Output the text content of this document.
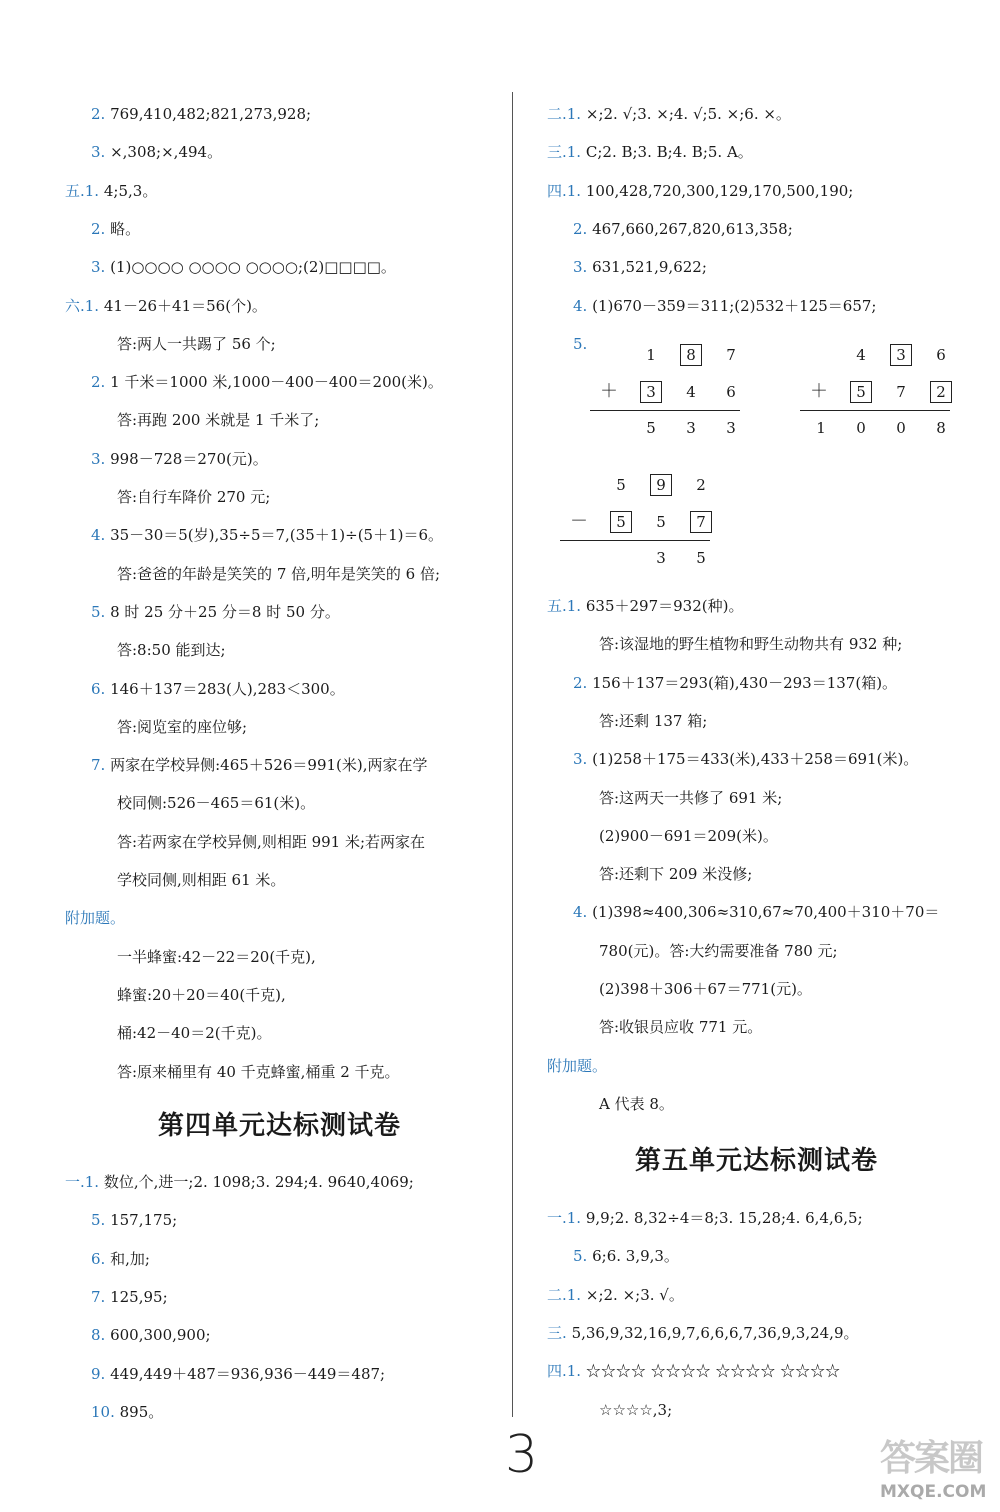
2. 769,410,482;821,273,928;
3. ×,308;×,494。
五.1. 4;5,3。
2. 略。
3. (1)○○○○ ○○○○ ○○○○;(2)□□□□。
六.1. 41－26＋41＝56(个)。
答:两人一共踢了 56 个;
2. 1 千米＝1000 米,1000－400－400＝200(米)。
答:再跑 200 米就是 1 千米了;
3. 998－728＝270(元)。
答:自行车降价 270 元;
4. 35－30＝5(岁),35÷5＝7,(35＋1)÷(5＋1)＝6。
答:爸爸的年龄是笑笑的 7 倍,明年是笑笑的 6 倍;
5. 8 时 25 分＋25 分＝8 时 50 分。
答:8:50 能到达;
6. 146＋137＝283(人),283＜300。
答:阅览室的座位够;
7. 两家在学校异侧:465＋526＝991(米),两家在学
校同侧:526－465＝61(米)。
答:若两家在学校异侧,则相距 991 米;若两家在
学校同侧,则相距 61 米。
附加题。
一半蜂蜜:42－22＝20(千克),
蜂蜜:20＋20＝40(千克),
桶:42－40＝2(千克)。
答:原来桶里有 40 千克蜂蜜,桶重 2 千克。
第四单元达标测试卷
一.1. 数位,个,进一;2. 1098;3. 294;4. 9640,4069;
5. 157,175;
6. 和,加;
7. 125,95;
8. 600,300,900;
9. 449,449＋487＝936,936－449＝487;
10. 895。
二.1. ×;2. √;3. ×;4. √;5. ×;6. ×。
三.1. C;2. B;3. B;4. B;5. A。
四.1. 100,428,720,300,129,170,500,190;
2. 467,660,267,820,613,358;
3. 631,521,9,622;
4. (1)670－359＝311;(2)532＋125＝657;
5.
1	8	7
＋	3	4	6
5	3	3
4	3	6
＋	5	7	2
1	0	0	8
5	9	2
－	5	5	7
3	5
五.1. 635＋297＝932(种)。
答:该湿地的野生植物和野生动物共有 932 种;
2. 156＋137＝293(箱),430－293＝137(箱)。
答:还剩 137 箱;
3. (1)258＋175＝433(米),433＋258＝691(米)。
答:这两天一共修了 691 米;
(2)900－691＝209(米)。
答:还剩下 209 米没修;
4. (1)398≈400,306≈310,67≈70,400＋310＋70＝
780(元)。答:大约需要准备 780 元;
(2)398＋306＋67＝771(元)。
答:收银员应收 771 元。
附加题。
A 代表 8。
第五单元达标测试卷
一.1. 9,9;2. 8,32÷4＝8;3. 15,28;4. 6,4,6,5;
5. 6;6. 3,9,3。
二.1. ×;2. ×;3. √。
三. 5,36,9,32,16,9,7,6,6,6,7,36,9,3,24,9。
四.1. ☆☆☆☆ ☆☆☆☆ ☆☆☆☆ ☆☆☆☆
☆☆☆☆,3;
3	答案圈
MXQE.COM
